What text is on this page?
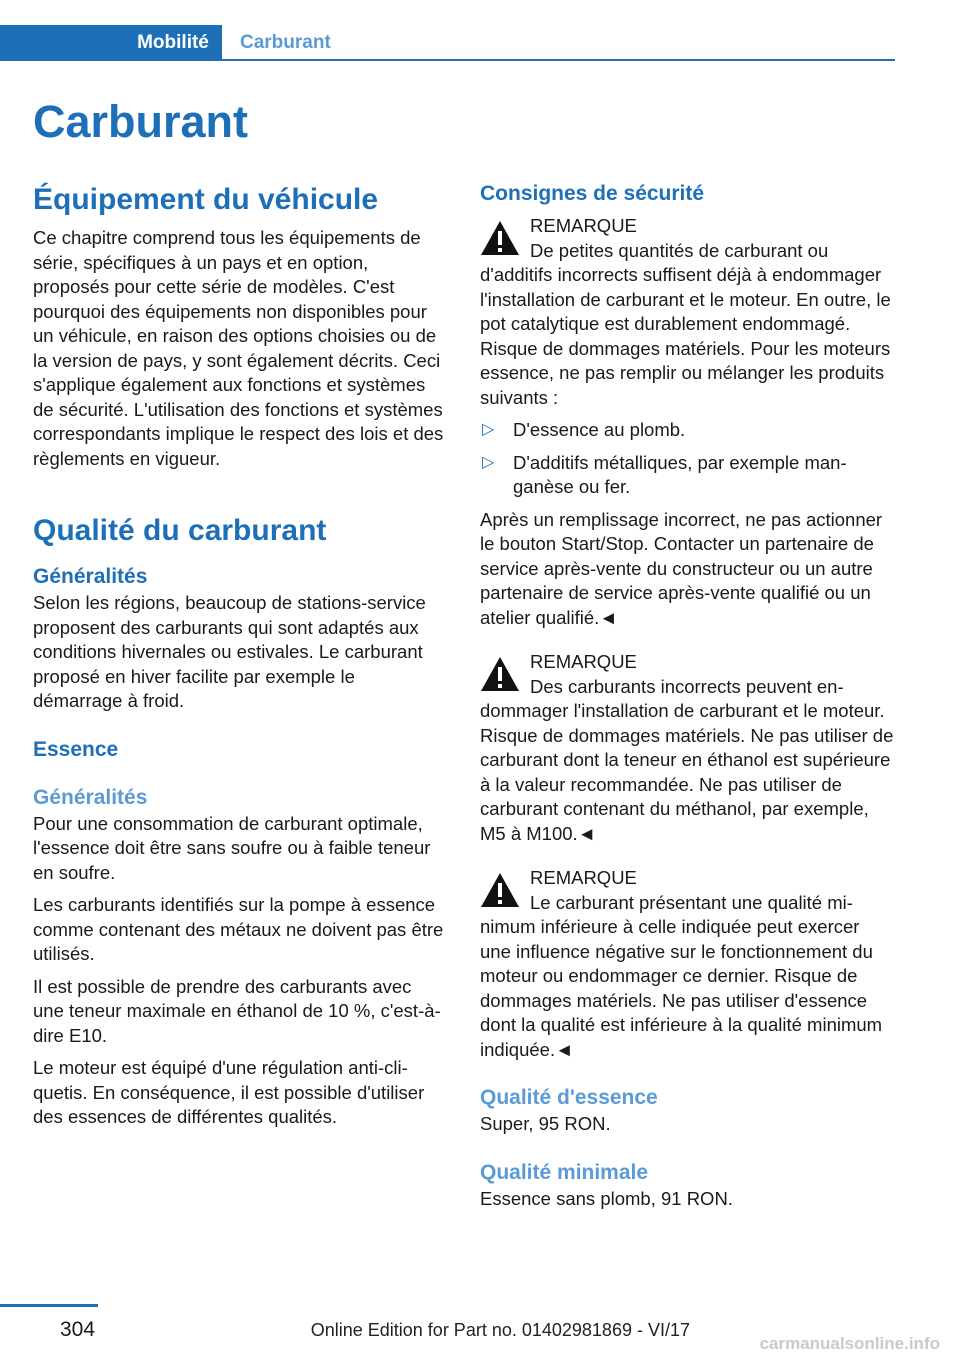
Mobilité	Carburant
Carburant
Équipement du véhicule

Ce chapitre comprend tous les équipements de série, spécifiques à un pays et en option, proposés pour cette série de modèles. C'est pourquoi des équipements non disponibles pour un véhicule, en raison des options choisies ou de la version de pays, y sont également décrits. Ceci s'applique également aux fonctions et systèmes de sécurité. L'utilisation des fonctions et systèmes correspondants implique le respect des lois et des règlements en vigueur.

Qualité du carburant
Généralités

Selon les régions, beaucoup de stations-service proposent des carburants qui sont adaptés aux conditions hivernales ou estivales. Le carburant proposé en hiver facilite par exemple le démarrage à froid.

Essence
Généralités

Pour une consommation de carburant optimale, l'essence doit être sans soufre ou à faible teneur en soufre.

Les carburants identifiés sur la pompe à essence comme contenant des métaux ne doivent pas être utilisés.

Il est possible de prendre des carburants avec une teneur maximale en éthanol de 10 %, c'est-à-dire E10.

Le moteur est équipé d'une régulation anti-cliquetis. En conséquence, il est possible d'utiliser des essences de différentes qualités.

Consignes de sécurité

REMARQUE

De petites quantités de carburant ou d'additifs incorrects suffisent déjà à endommager l'installation de carburant et le moteur. En outre, le pot catalytique est durablement endommagé. Risque de dommages matériels. Pour les moteurs essence, ne pas remplir ou mélanger les produits suivants :

▷ D'essence au plomb.
▷ D'additifs métalliques, par exemple manganèse ou fer.

Après un remplissage incorrect, ne pas actionner le bouton Start/Stop. Contacter un partenaire de service après-vente du constructeur ou un autre partenaire de service après-vente qualifié ou un atelier qualifié.◄

REMARQUE

Des carburants incorrects peuvent endommager l'installation de carburant et le moteur. Risque de dommages matériels. Ne pas utiliser de carburant dont la teneur en éthanol est supérieure à la valeur recommandée. Ne pas utiliser de carburant contenant du méthanol, par exemple, M5 à M100.◄

REMARQUE

Le carburant présentant une qualité minimum inférieure à celle indiquée peut exercer une influence négative sur le fonctionnement du moteur ou endommager ce dernier. Risque de dommages matériels. Ne pas utiliser d'essence dont la qualité est inférieure à la qualité minimum indiquée.◄

Qualité d'essence

Super, 95 RON.

Qualité minimale

Essence sans plomb, 91 RON.

304	Online Edition for Part no. 01402981869 - VI/17
carmanualsonline.info
